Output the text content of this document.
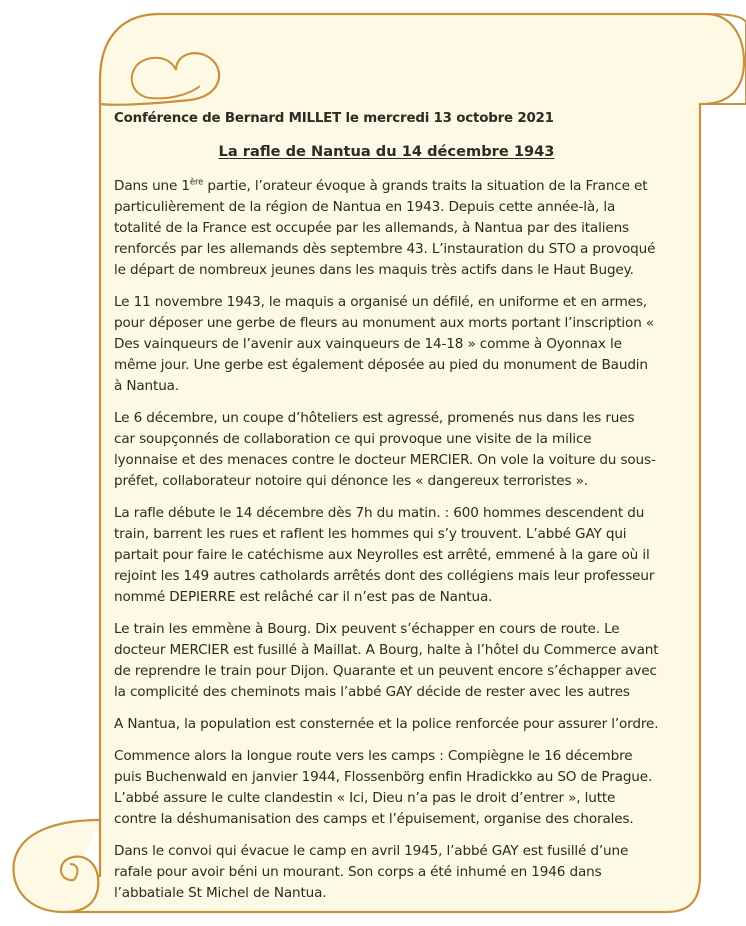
Conférence de Bernard MILLET le mercredi 13 octobre 2021

La rafle de Nantua du 14 décembre 1943

Dans une 1ère partie, l’orateur évoque à grands traits la situation de la France et particulièrement de la région de Nantua en 1943. Depuis cette année-là, la totalité de la France est occupée par les allemands, à Nantua par des italiens renforcés par les allemands dès septembre 43. L’instauration du STO a provoqué le départ de nombreux jeunes dans les maquis très actifs dans le Haut Bugey.

Le 11 novembre 1943, le maquis a organisé un défilé, en uniforme et en armes, pour déposer une gerbe de fleurs au monument aux morts portant l’inscription « Des vainqueurs de l’avenir aux vainqueurs de 14-18 » comme à Oyonnax le même jour. Une gerbe est également déposée au pied du monument de Baudin à Nantua.

Le 6 décembre, un coupe d’hôteliers est agressé, promenés nus dans les rues car soupçonnés de collaboration ce qui provoque une visite de la milice lyonnaise et des menaces contre le docteur MERCIER. On vole la voiture du sous-préfet, collaborateur notoire qui dénonce les « dangereux terroristes ».

La rafle débute le 14 décembre dès 7h du matin. : 600 hommes descendent du train, barrent les rues et raflent les hommes qui s’y trouvent. L’abbé GAY qui partait pour faire le catéchisme aux Neyrolles est arrêté, emmené à la gare où il rejoint les 149 autres catholards arrêtés dont des collégiens mais leur professeur nommé DEPIERRE est relâché car il n’est pas de Nantua.

Le train les emmène à Bourg. Dix peuvent s’échapper en cours de route. Le docteur MERCIER est fusillé à Maillat. A Bourg, halte à l’hôtel du Commerce avant de reprendre le train pour Dijon. Quarante et un peuvent encore s’échapper avec la complicité des cheminots mais l’abbé GAY décide de rester avec les autres

A Nantua, la population est consternée et la police renforcée pour assurer l’ordre.

Commence alors la longue route vers les camps : Compiègne le 16 décembre puis Buchenwald en janvier 1944, Flossenbörg enfin Hradickko au SO de Prague. L’abbé assure le culte clandestin « Ici, Dieu n’a pas le droit d’entrer », lutte contre la déshumanisation des camps et l’épuisement, organise des chorales.

Dans le convoi qui évacue le camp en avril 1945, l’abbé GAY est fusillé d’une rafale pour avoir béni un mourant. Son corps a été inhumé en 1946 dans l’abbatiale St Michel de Nantua.
